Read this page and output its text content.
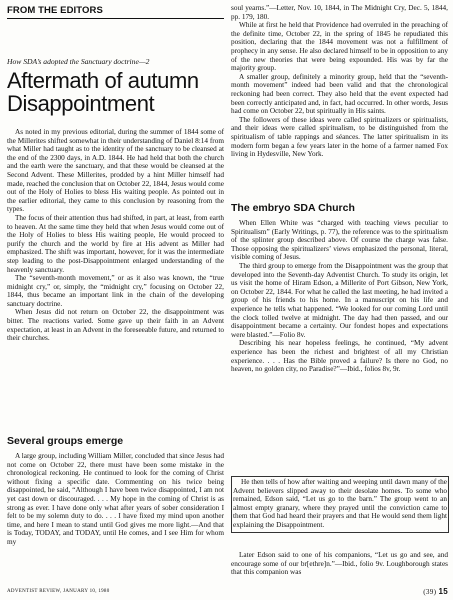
FROM THE EDITORS
How SDA’s adopted the Sanctuary doctrine—2
Aftermath of autumn Disappointment

As noted in my previous editorial, during the summer of 1844 some of the Millerites shifted somewhat in their understanding of Daniel 8:14 from what Miller had taught as to the identity of the sanctuary to be cleansed at the end of the 2300 days, in A.D. 1844. He had held that both the church and the earth were the sanctuary, and that these would be cleansed at the Second Advent. These Millerites, prodded by a hint Miller himself had made, reached the conclusion that on October 22, 1844, Jesus would come out of the Holy of Holies to bless His waiting people. As pointed out in the earlier editorial, they came to this conclusion by reasoning from the types.

The focus of their attention thus had shifted, in part, at least, from earth to heaven. At the same time they held that when Jesus would come out of the Holy of Holies to bless His waiting people, He would proceed to purify the church and the world by fire at His advent as Miller had emphasized. The shift was important, however, for it was the intermediate step leading to the post-Disappointment enlarged understanding of the heavenly sanctuary.

The “seventh-month movement,” or as it also was known, the “true midnight cry,” or, simply, the “midnight cry,” focusing on October 22, 1844, thus became an important link in the chain of the developing sanctuary doctrine.

When Jesus did not return on October 22, the disappointment was bitter. The reactions varied. Some gave up their faith in an Advent expectation, at least in an Advent in the foreseeable future, and returned to their churches.

Several groups emerge

A large group, including William Miller, concluded that since Jesus had not come on October 22, there must have been some mistake in the chronological reckoning. He continued to look for the coming of Christ without fixing a specific date. Commenting on his twice being disappointed, he said, “Although I have been twice disappointed, I am not yet cast down or discouraged. . . . My hope in the coming of Christ is as strong as ever. I have done only what after years of sober consideration I felt to be my solemn duty to do. . . . I have fixed my mind upon another time, and here I mean to stand until God gives me more light.—And that is Today, TODAY, and TODAY, until He comes, and I see Him for whom my

ADVENTIST REVIEW, JANUARY 10, 1980

soul yearns.”—Letter, Nov. 10, 1844, in The Midnight Cry, Dec. 5, 1844, pp. 179, 180.

While at first he held that Providence had overruled in the preaching of the definite time, October 22, in the spring of 1845 he repudiated this position, declaring that the 1844 movement was not a fulfillment of prophecy in any sense. He also declared himself to be in opposition to any of the new theories that were being expounded. His was by far the majority group.

A smaller group, definitely a minority group, held that the “seventh-month movement” indeed had been valid and that the chronological reckoning had been correct. They also held that the event expected had been correctly anticipated and, in fact, had occurred. In other words, Jesus had come on October 22, but spiritually in His saints.

The followers of these ideas were called spiritualizers or spiritualists, and their ideas were called spiritualism, to be distinguished from the spiritualism of table rappings and séances. The latter spiritualism in its modern form began a few years later in the home of a farmer named Fox living in Hydesville, New York.

The embryo SDA Church

When Ellen White was “charged with teaching views peculiar to Spiritualism” (Early Writings, p. 77), the reference was to the spiritualism of the splinter group described above. Of course the charge was false. Those opposing the spiritualizers’ views emphasized the personal, literal, visible coming of Jesus.

The third group to emerge from the Disappointment was the group that developed into the Seventh-day Adventist Church. To study its origin, let us visit the home of Hiram Edson, a Millerite of Port Gibson, New York, on October 22, 1844. For what he called the last meeting, he had invited a group of his friends to his home. In a manuscript on his life and experience he tells what happened. “We looked for our coming Lord until the clock tolled twelve at midnight. The day had then passed, and our disappointment became a certainty. Our fondest hopes and expectations were blasted.”—Folio 8v.

Describing his near hopeless feelings, he continued, “My advent experience has been the richest and brightest of all my Christian experience. . . . Has the Bible proved a failure? Is there no God, no heaven, no golden city, no Paradise?”—Ibid., folios 8v, 9r.

He then tells of how after waiting and weeping until dawn many of the Advent believers slipped away to their desolate homes. To some who remained, Edson said, “Let us go to the barn.” The group went to an almost empty granary, where they prayed until the conviction came to them that God had heard their prayers and that He would send them light explaining the Disappointment.

Later Edson said to one of his companions, “Let us go and see, and encourage some of our br[ethre]n.”—Ibid., folio 9v. Loughborough states that this companion was

(39) 15
